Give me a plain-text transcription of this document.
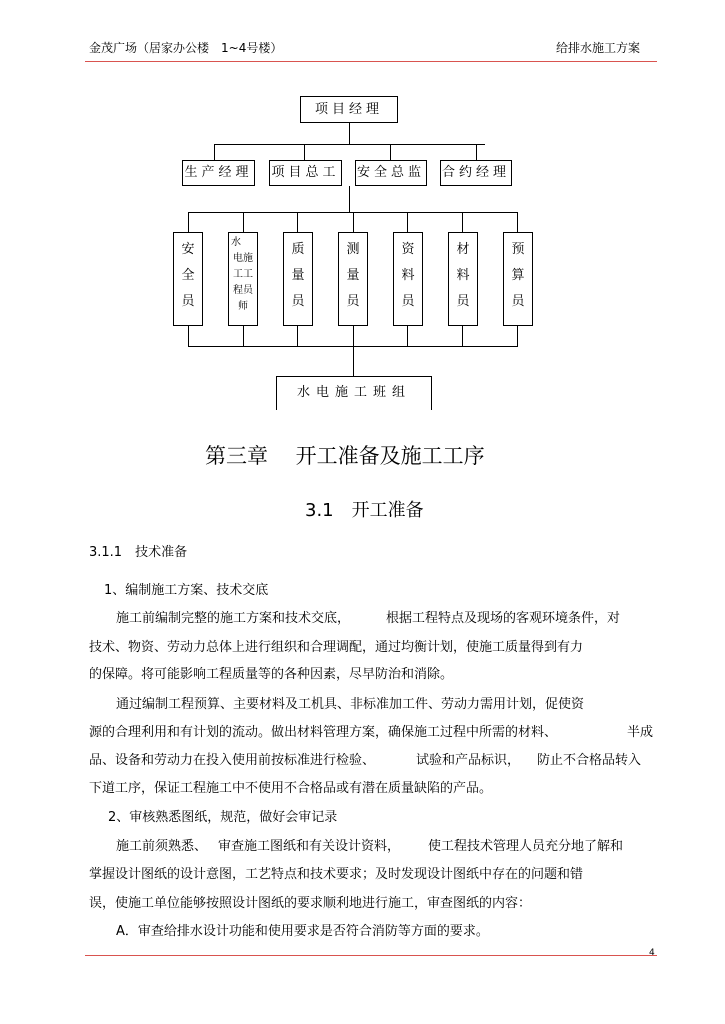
金茂广场（居家办公楼　1~4号楼）	给排水施工方案
项目经理
生产经理 项目总工 安全总监 合约经理
安
全
员
水
电施
工工
程员
师
质
量
员
测
量
员
资
料
员
材
料
员
预
算
员
水电施工班组
第三章　 开工准备及施工工序
3.1　开工准备
3.1.1　技术准备
1、编制施工方案、技术交底
施工前编制完整的施工方案和技术交底，	根据工程特点及现场的客观环境条件，对
技术、物资、劳动力总体上进行组织和合理调配，通过均衡计划，使施工质量得到有力
的保障。将可能影响工程质量等的各种因素，尽早防治和消除。
通过编制工程预算、主要材料及工机具、非标准加工件、劳动力需用计划，促使资
源的合理利用和有计划的流动。做出材料管理方案，确保施工过程中所需的材料、	半成
品、设备和劳动力在投入使用前按标准进行检验、	试验和产品标识， 防止不合格品转入
下道工序，保证工程施工中不使用不合格品或有潜在质量缺陷的产品。
2、审核熟悉图纸，规范，做好会审记录
施工前须熟悉、 审查施工图纸和有关设计资料， 使工程技术管理人员充分地了解和
掌握设计图纸的设计意图，工艺特点和技术要求；及时发现设计图纸中存在的问题和错
误，使施工单位能够按照设计图纸的要求顺利地进行施工，审查图纸的内容：
A．审查给排水设计功能和使用要求是否符合消防等方面的要求。
4
